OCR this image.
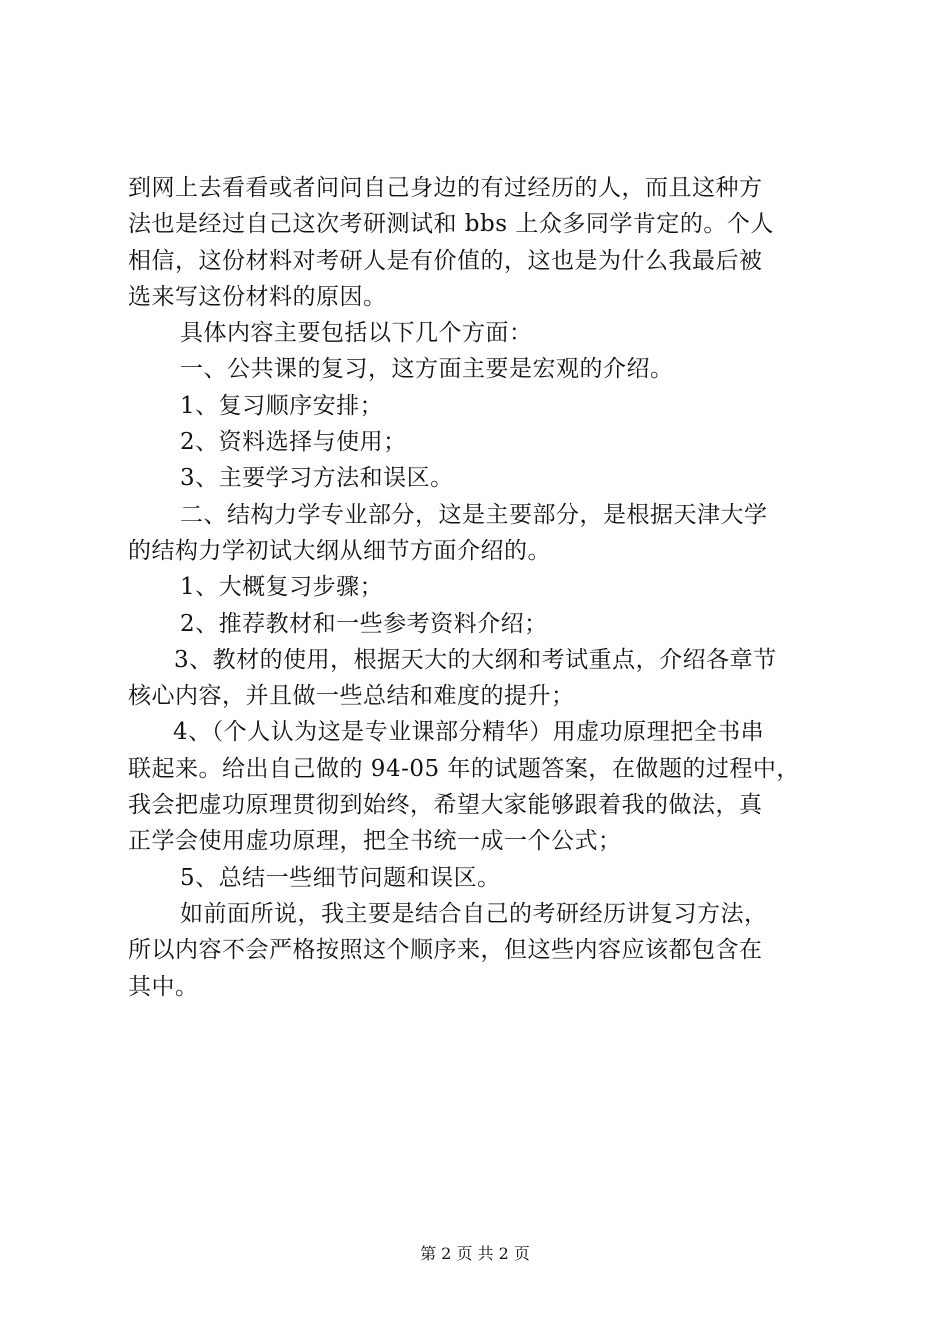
到网上去看看或者问问自己身边的有过经历的人，而且这种方

法也是经过自己这次考研测试和 bbs 上众多同学肯定的。个人

相信，这份材料对考研人是有价值的，这也是为什么我最后被

选来写这份材料的原因。

具体内容主要包括以下几个方面：

一、公共课的复习，这方面主要是宏观的介绍。

1、复习顺序安排；

2、资料选择与使用；

3、主要学习方法和误区。

二、结构力学专业部分，这是主要部分，是根据天津大学

的结构力学初试大纲从细节方面介绍的。

1、大概复习步骤；

2、推荐教材和一些参考资料介绍；

3、教材的使用，根据天大的大纲和考试重点，介绍各章节

核心内容，并且做一些总结和难度的提升；

4、（个人认为这是专业课部分精华）用虚功原理把全书串

联起来。给出自己做的 94-05 年的试题答案，在做题的过程中，

我会把虚功原理贯彻到始终，希望大家能够跟着我的做法，真

正学会使用虚功原理，把全书统一成一个公式；

5、总结一些细节问题和误区。

如前面所说，我主要是结合自己的考研经历讲复习方法，

所以内容不会严格按照这个顺序来，但这些内容应该都包含在

其中。

第 2 页 共 2 页
